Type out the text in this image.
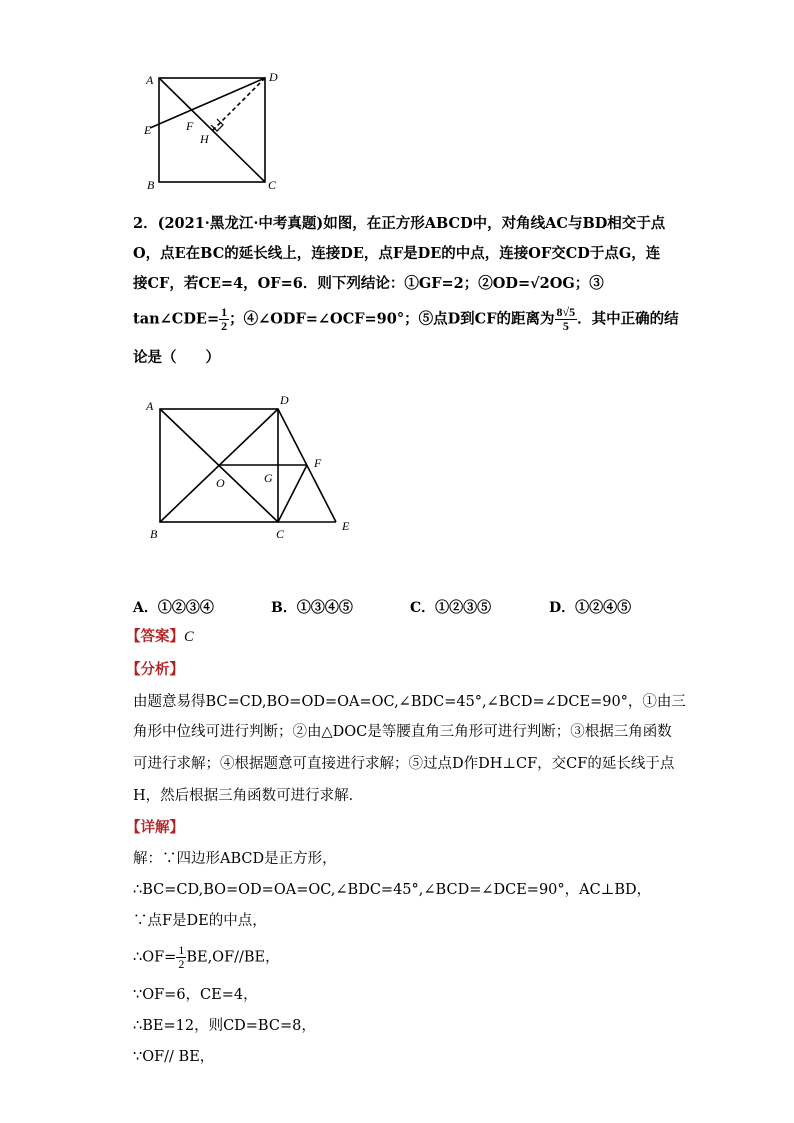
A	D
E	F
H
B	C
2．(2021·黑龙江·中考真题)如图，在正方形ABCD中，对角线AC与BD相交于点
O，点E在BC的延长线上，连接DE，点F是DE的中点，连接OF交CD于点G，连
接CF，若CE=4，OF=6．则下列结论：①GF=2；②OD=√2OG；③
tan∠CDE= $\frac{1}{2}$ ；④∠ODF=∠OCF=90°；⑤点D到CF的距离为 $\frac{8√5}{5}$ ．其中正确的结
论是（　　）
A	D
F
O	G
B	C
E
A．①②③④	B．①③④⑤	C．①②③⑤	D．①②④⑤
【答案】C
【分析】
由题意易得BC=CD,BO=OD=OA=OC,∠BDC=45°,∠BCD=∠DCE=90°，①由三
角形中位线可进行判断；②由△DOC是等腰直角三角形可进行判断；③根据三角函数
可进行求解；④根据题意可直接进行求解；⑤过点D作DH⊥CF，交CF的延长线于点
H，然后根据三角函数可进行求解．
【详解】
解：∵四边形ABCD是正方形，
∴BC=CD,BO=OD=OA=OC,∠BDC=45°,∠BCD=∠DCE=90°，AC⊥BD，
∵点F是DE的中点，
∴OF= $\frac{1}{2} BE,OF//BE$，
∵OF=6，CE=4，
∴BE=12，则CD=BC=8，
∵OF// BE，
